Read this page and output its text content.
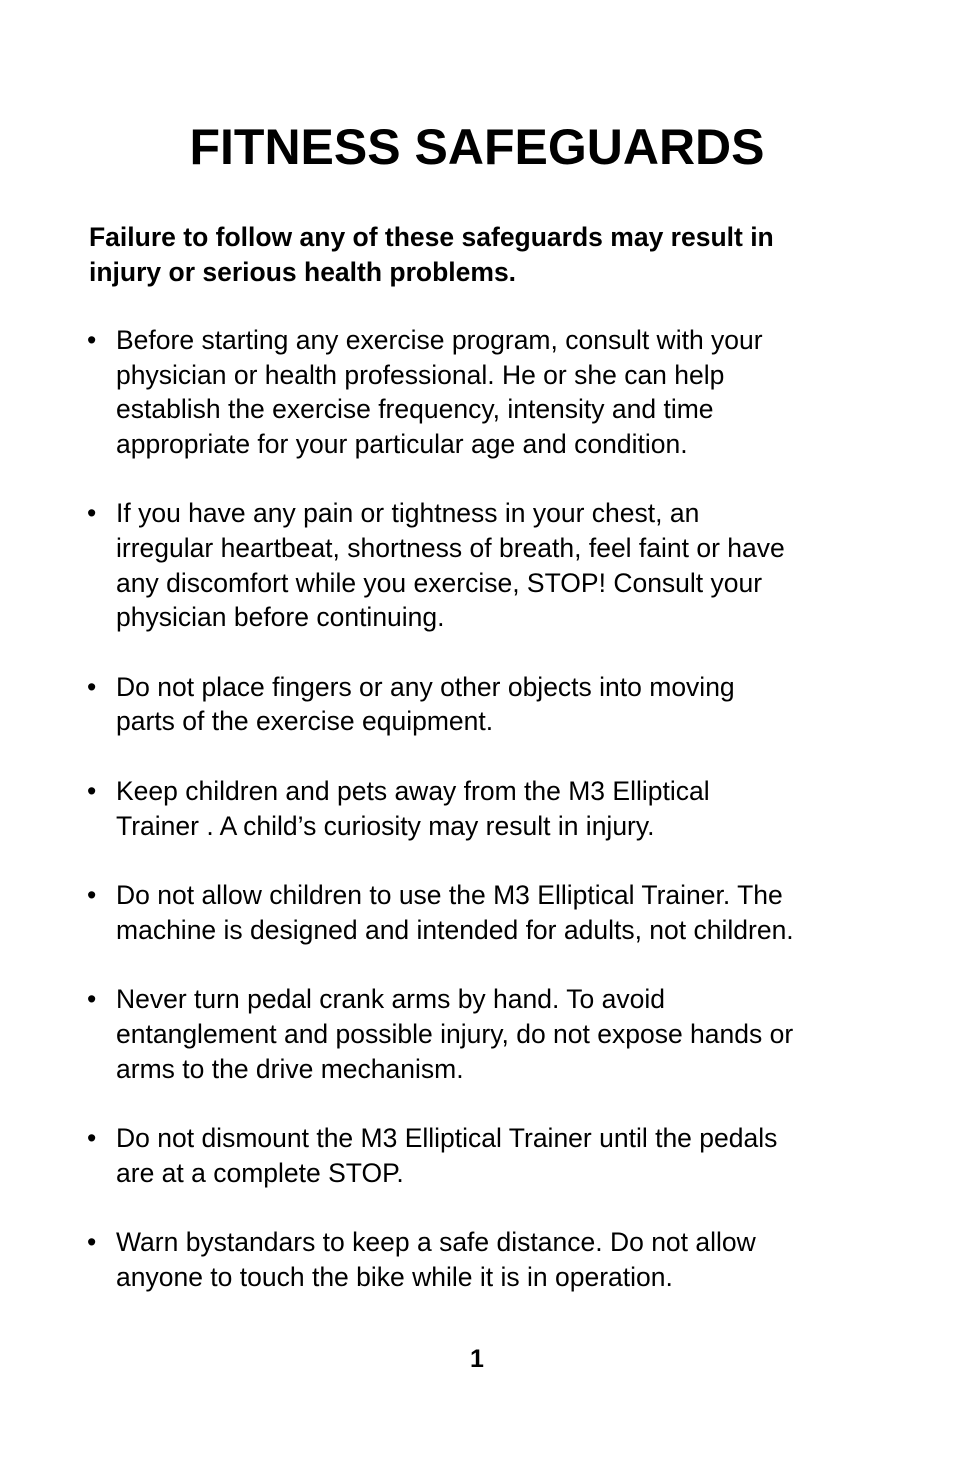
FITNESS SAFEGUARDS

Failure to follow any of these safeguards may result in
injury or serious health problems.

• Before starting any exercise program, consult with your
physician or health professional. He or she can help
establish the exercise frequency, intensity and time
appropriate for your particular age and condition.
• If you have any pain or tightness in your chest, an
irregular heartbeat, shortness of breath, feel faint or have
any discomfort while you exercise, STOP! Consult your
physician before continuing.
• Do not place fingers or any other objects into moving
parts of the exercise equipment.
• Keep children and pets away from the M3 Elliptical
Trainer . A child’s curiosity may result in injury.
• Do not allow children to use the M3 Elliptical Trainer. The
machine is designed and intended for adults, not children.
• Never turn pedal crank arms by hand. To avoid
entanglement and possible injury, do not expose hands or
arms to the drive mechanism.
• Do not dismount the M3 Elliptical Trainer until the pedals
are at a complete STOP.
• Warn bystandars to keep a safe distance. Do not allow
anyone to touch the bike while it is in operation.
1
